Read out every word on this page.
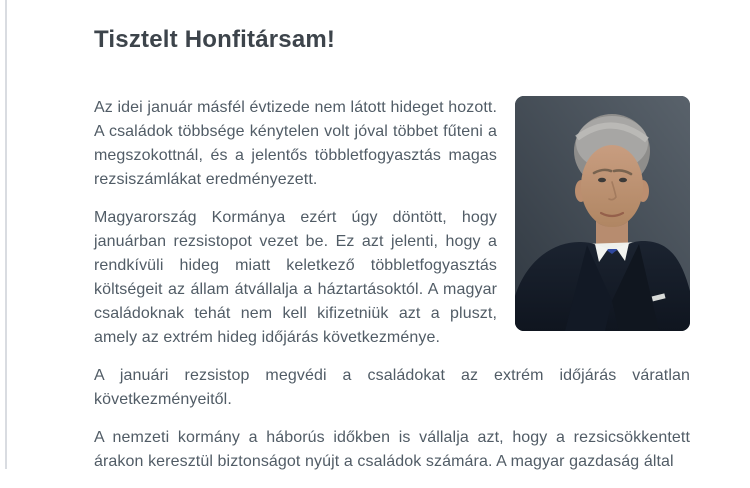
Tisztelt Honfitársam!

Az idei január másfél évtizede nem látott hideget hozott. A családok többsége kénytelen volt jóval többet fűteni a megszokottnál, és a jelentős többletfogyasztás magas rezsiszámlákat eredményezett.

Magyarország Kormánya ezért úgy döntött, hogy januárban rezsistopot vezet be. Ez azt jelenti, hogy a rendkívüli hideg miatt keletkező többletfogyasztás költségeit az állam átvállalja a háztartásoktól. A magyar családoknak tehát nem kell kifizetniük azt a pluszt, amely az extrém hideg időjárás következménye.

A januári rezsistop megvédi a családokat az extrém időjárás váratlan következményeitől.

A nemzeti kormány a háborús időkben is vállalja azt, hogy a rezsicsökkentett árakon keresztül biztonságot nyújt a családok számára. A magyar gazdaság által
